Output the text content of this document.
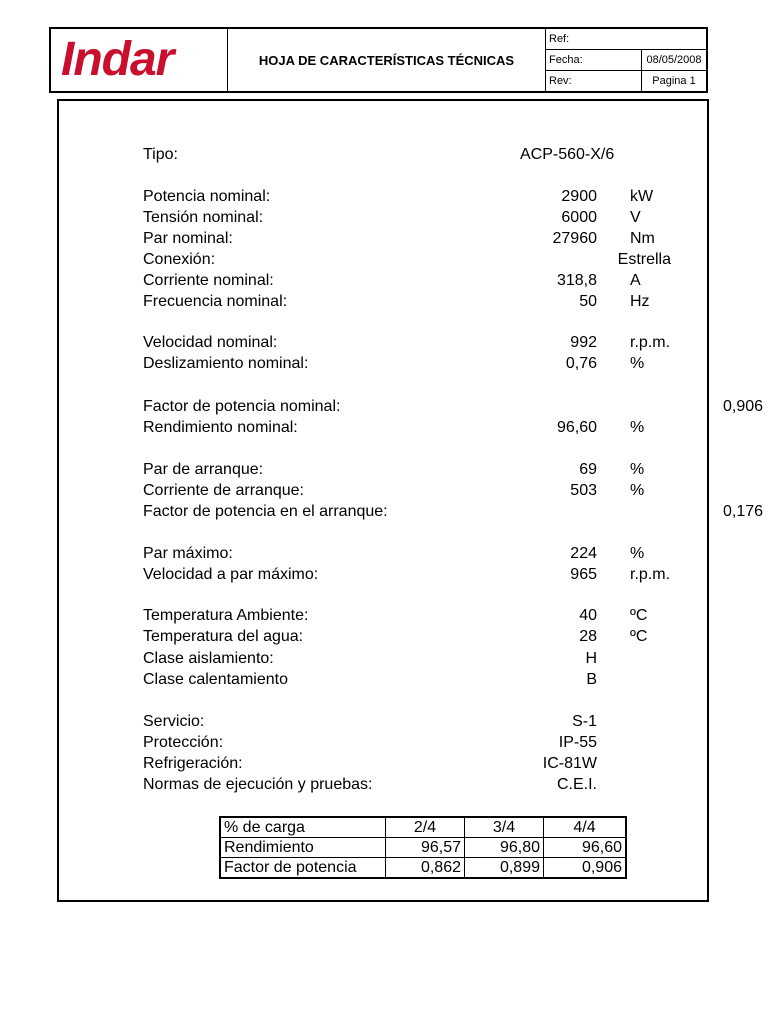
Indar	HOJA DE CARACTERÍSTICAS TÉCNICAS
Ref:
Fecha:	08/05/2008
Rev:	Pagina 1
Tipo:	ACP-560-X/6
Potencia nominal:	2900 kW
Tensión nominal:	6000 V
Par nominal:	27960 Nm
Conexión:	Estrella
Corriente nominal:	318,8 A
Frecuencia nominal:	50 Hz
Velocidad nominal:	992 r.p.m.
Deslizamiento nominal:	0,76 %
Factor de potencia nominal:	0,906
Rendimiento nominal:	96,60 %
Par de arranque:	69 %
Corriente de arranque:	503 %
Factor de potencia en el arranque:	0,176
Par máximo:	224 %
Velocidad a par máximo:	965 r.p.m.
Temperatura Ambiente:	40 ºC
Temperatura del agua:	28 ºC
Clase aislamiento:	H
Clase calentamiento	B
Servicio:	S-1
Protección:	IP-55
Refrigeración:	IC-81W
Normas de ejecución y pruebas:	C.E.I.
% de carga	2/4	3/4	4/4
Rendimiento	96,57	96,80	96,60
Factor de potencia	0,862	0,899	0,906
